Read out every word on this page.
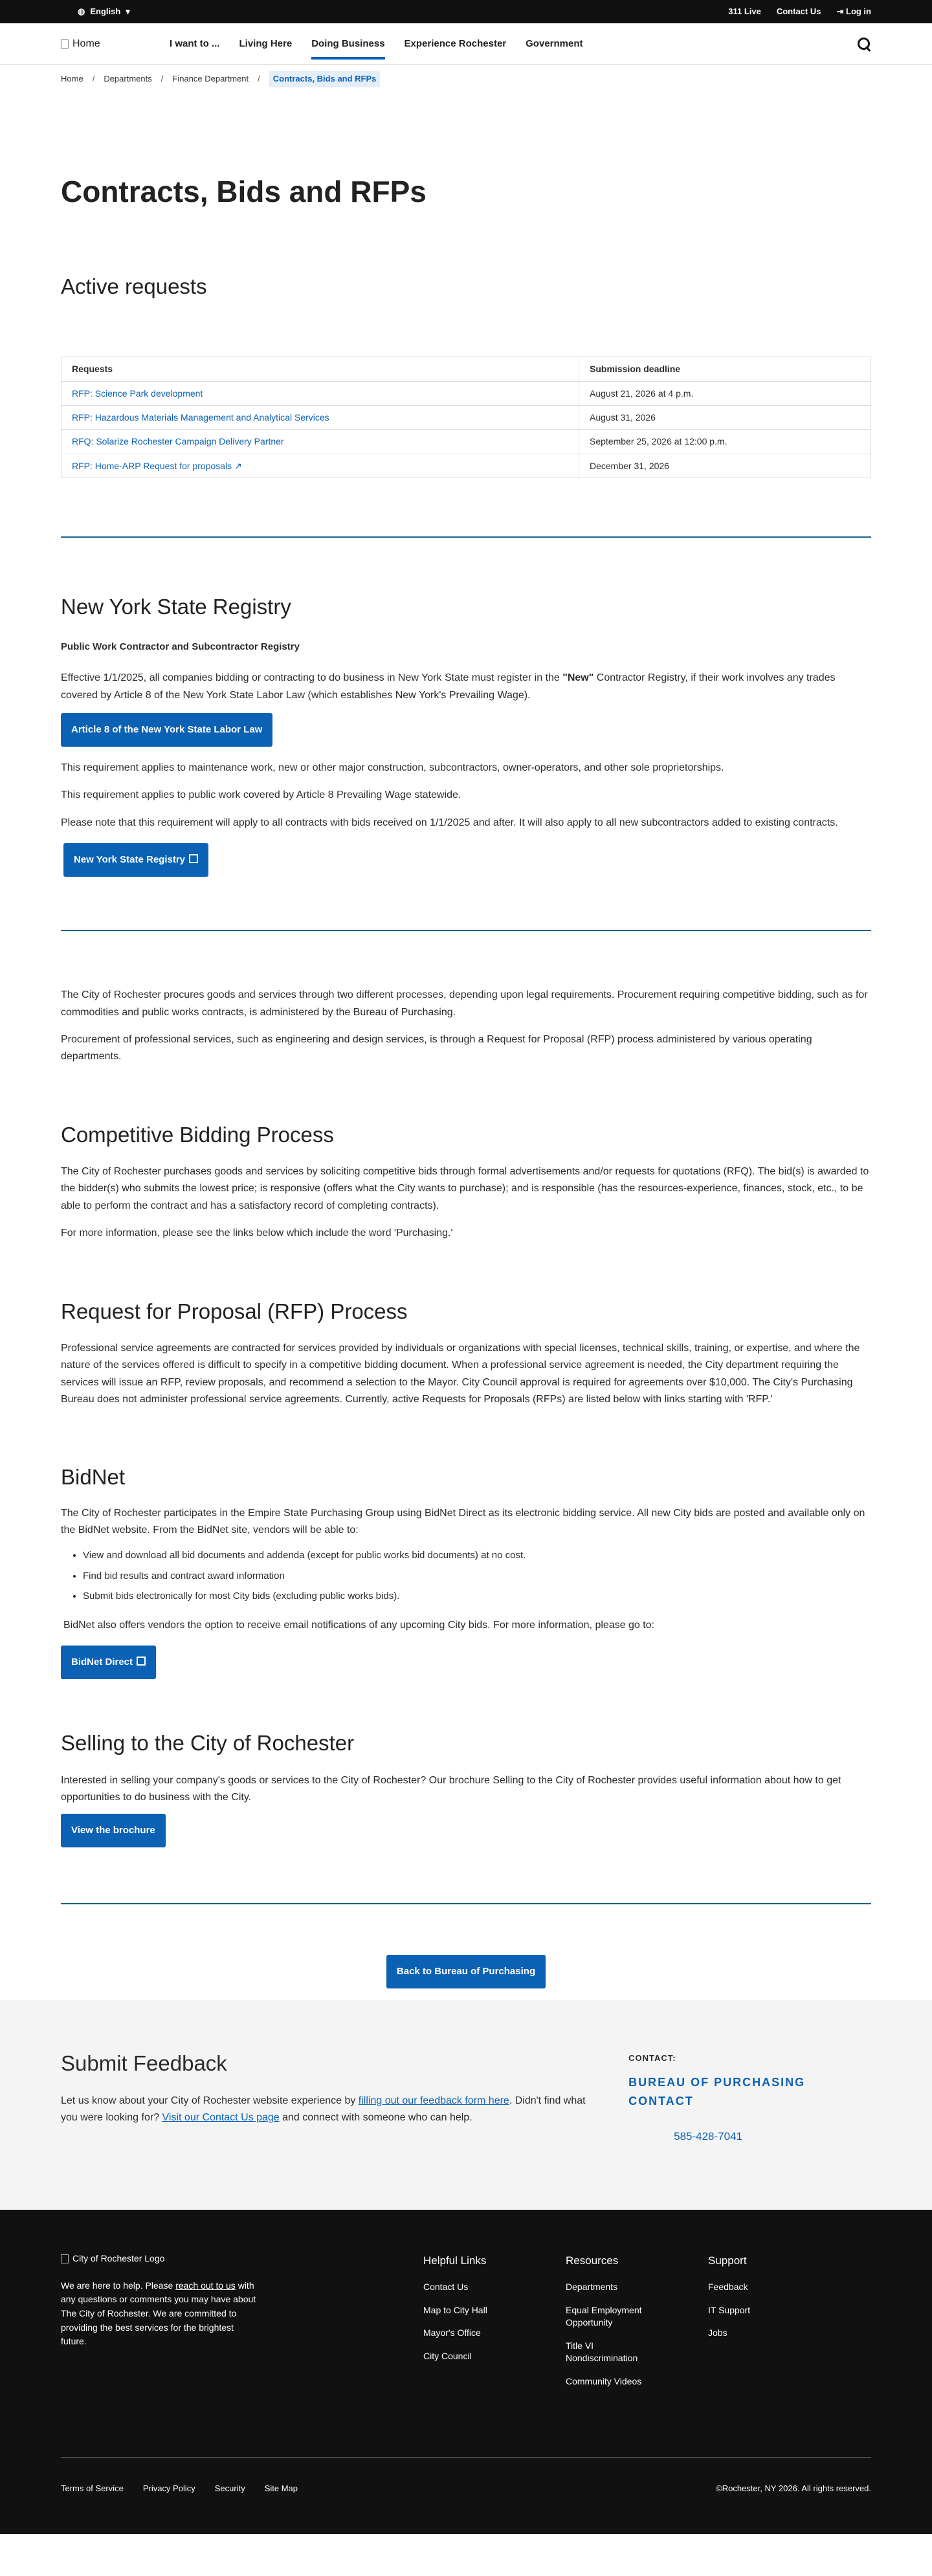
◍ English ▾	311 Live Contact Us ⇥ Log in
Home	I want to ... Living Here Doing Business Experience Rochester Government
Home / Departments / Finance Department /	Contracts, Bids and RFPs
Contracts, Bids and RFPs
Active requests
Requests	Submission deadline
RFP: Science Park development	August 21, 2026 at 4 p.m.
RFP: Hazardous Materials Management and Analytical Services	August 31, 2026
RFQ: Solarize Rochester Campaign Delivery Partner	September 25, 2026 at 12:00 p.m.
RFP: Home-ARP Request for proposals ↗	December 31, 2026
New York State Registry

Public Work Contractor and Subcontractor Registry

Effective 1/1/2025, all companies bidding or contracting to do business in New York State must register in the "New" Contractor Registry, if their work involves any trades covered by Article 8 of the New York State Labor Law (which establishes New York's Prevailing Wage).

Article 8 of the New York State Labor Law

This requirement applies to maintenance work, new or other major construction, subcontractors, owner-operators, and other sole proprietorships.

This requirement applies to public work covered by Article 8 Prevailing Wage statewide.

Please note that this requirement will apply to all contracts with bids received on 1/1/2025 and after. It will also apply to all new subcontractors added to existing contracts.

New York State Registry

The City of Rochester procures goods and services through two different processes, depending upon legal requirements. Procurement requiring competitive bidding, such as for commodities and public works contracts, is administered by the Bureau of Purchasing.

Procurement of professional services, such as engineering and design services, is through a Request for Proposal (RFP) process administered by various operating departments.

Competitive Bidding Process

The City of Rochester purchases goods and services by soliciting competitive bids through formal advertisements and/or requests for quotations (RFQ). The bid(s) is awarded to the bidder(s) who submits the lowest price; is responsive (offers what the City wants to purchase); and is responsible (has the resources-experience, finances, stock, etc., to be able to perform the contract and has a satisfactory record of completing contracts).

For more information, please see the links below which include the word 'Purchasing.'

Request for Proposal (RFP) Process

Professional service agreements are contracted for services provided by individuals or organizations with special licenses, technical skills, training, or expertise, and where the nature of the services offered is difficult to specify in a competitive bidding document. When a professional service agreement is needed, the City department requiring the services will issue an RFP, review proposals, and recommend a selection to the Mayor. City Council approval is required for agreements over $10,000. The City's Purchasing Bureau does not administer professional service agreements. Currently, active Requests for Proposals (RFPs) are listed below with links starting with 'RFP.'

BidNet

The City of Rochester participates in the Empire State Purchasing Group using BidNet Direct as its electronic bidding service. All new City bids are posted and available only on the BidNet website. From the BidNet site, vendors will be able to:

• View and download all bid documents and addenda (except for public works bid documents) at no cost.
• Find bid results and contract award information
• Submit bids electronically for most City bids (excluding public works bids).

BidNet also offers vendors the option to receive email notifications of any upcoming City bids. For more information, please go to:

BidNet Direct
Selling to the City of Rochester

Interested in selling your company's goods or services to the City of Rochester? Our brochure Selling to the City of Rochester provides useful information about how to get opportunities to do business with the City.

View the brochure
Back to Bureau of Purchasing
Submit Feedback

Let us know about your City of Rochester website experience by filling out our feedback form here. Didn't find what you were looking for? Visit our Contact Us page and connect with someone who can help.

CONTACT:
BUREAU OF PURCHASING CONTACT
585-428-7041
City of Rochester Logo

We are here to help. Please reach out to us with any questions or comments you may have about The City of Rochester. We are committed to providing the best services for the brightest future.

Helpful Links
Contact Us
Map to City Hall
Mayor's Office
City Council
Resources
Departments
Equal Employment Opportunity
Title VI Nondiscrimination
Community Videos
Support
Feedback
IT Support
Jobs
Terms of Service Privacy Policy Security Site Map	©Rochester, NY 2026. All rights reserved.
